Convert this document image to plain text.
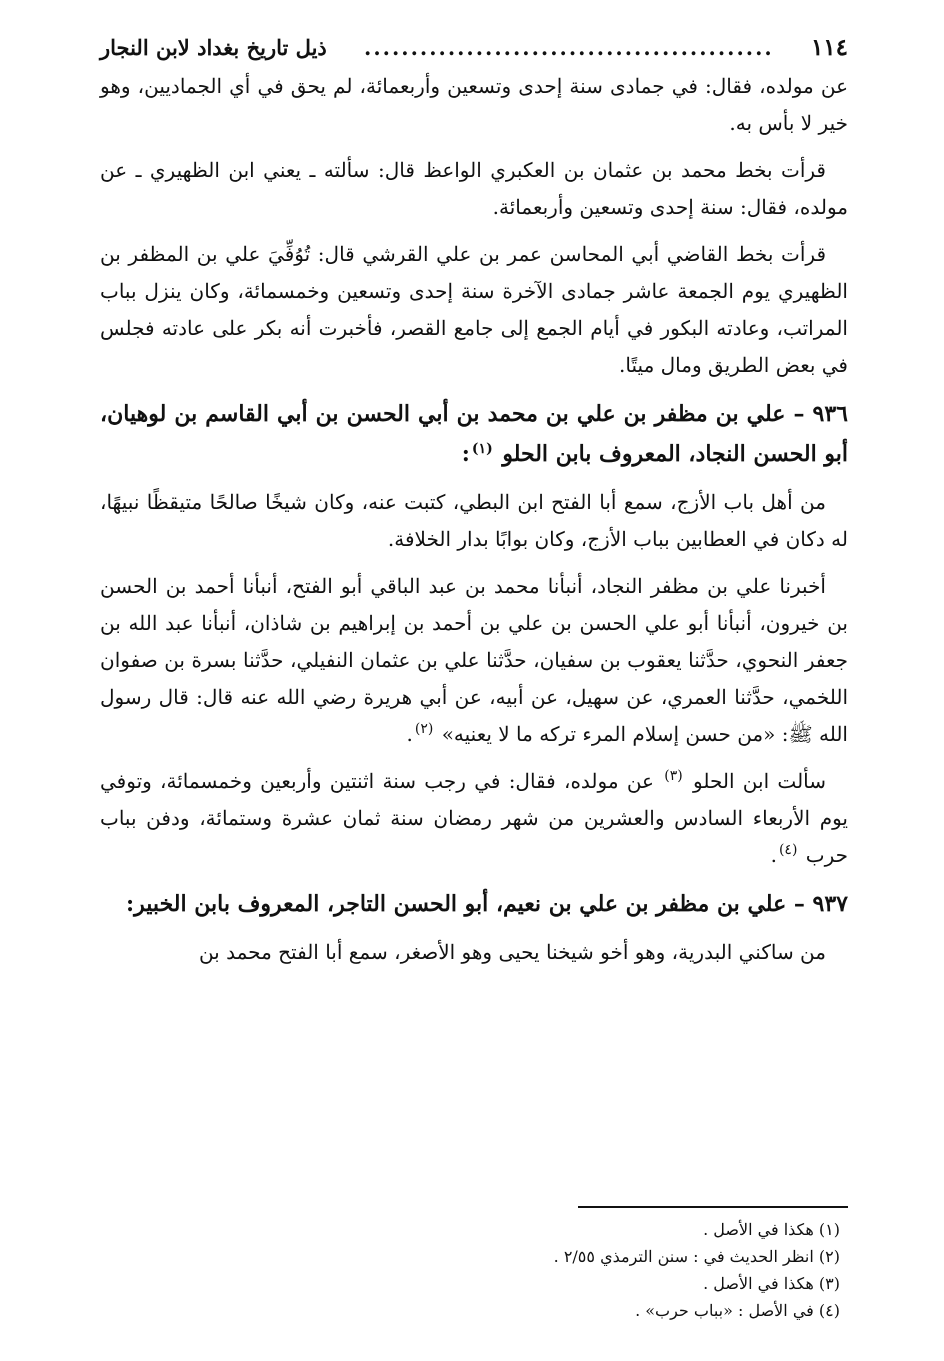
١١٤
............................................
ذيل تاريخ بغداد لابن النجار

عن مولده، فقال: في جمادى سنة إحدى وتسعين وأربعمائة، لم يحق في أي الجماديين، وهو خير لا بأس به.

قرأت بخط محمد بن عثمان بن العكبري الواعظ قال: سألته ـ يعني ابن الظهيري ـ عن مولده، فقال: سنة إحدى وتسعين وأربعمائة.

قرأت بخط القاضي أبي المحاسن عمر بن علي القرشي قال: تُوُفِّيَ علي بن المظفر بن الظهيري يوم الجمعة عاشر جمادى الآخرة سنة إحدى وتسعين وخمسمائة، وكان ينزل بباب المراتب، وعادته البكور في أيام الجمع إلى جامع القصر، فأخبرت أنه بكر على عادته فجلس في بعض الطريق ومال ميتًا.

٩٣٦ – علي بن مظفر بن علي بن محمد بن أبي الحسن بن أبي القاسم بن لوهيان، أبو الحسن النجاد، المعروف بابن الحلو $^{(١)}$:

من أهل باب الأزج، سمع أبا الفتح ابن البطي، كتبت عنه، وكان شيخًا صالحًا متيقظًا نبيهًا، له دكان في العطابين بباب الأزج، وكان بوابًا بدار الخلافة.

أخبرنا علي بن مظفر النجاد، أنبأنا محمد بن عبد الباقي أبو الفتح، أنبأنا أحمد بن الحسن بن خيرون، أنبأنا أبو علي الحسن بن علي بن أحمد بن إبراهيم بن شاذان، أنبأنا عبد الله بن جعفر النحوي، حدَّثنا يعقوب بن سفيان، حدَّثنا علي بن عثمان النفيلي، حدَّثنا بسرة بن صفوان اللخمي، حدَّثنا العمري، عن سهيل، عن أبيه، عن أبي هريرة رضي الله عنه قال: قال رسول الله ﷺ: «من حسن إسلام المرء تركه ما لا يعنيه» $^{(٢)}$.

سألت ابن الحلو $^{(٣)}$ عن مولده، فقال: في رجب سنة اثنتين وأربعين وخمسمائة، وتوفي يوم الأربعاء السادس والعشرين من شهر رمضان سنة ثمان عشرة وستمائة، ودفن بباب حرب $^{(٤)}$.

٩٣٧ – علي بن مظفر بن علي بن نعيم، أبو الحسن التاجر، المعروف بابن الخبير:

من ساكني البدرية، وهو أخو شيخنا يحيى وهو الأصغر، سمع أبا الفتح محمد بن

(١) هكذا في الأصل .
(٢) انظر الحديث في : سنن الترمذي ٢/٥٥ .
(٣) هكذا في الأصل .
(٤) في الأصل : «بباب حرب» .
